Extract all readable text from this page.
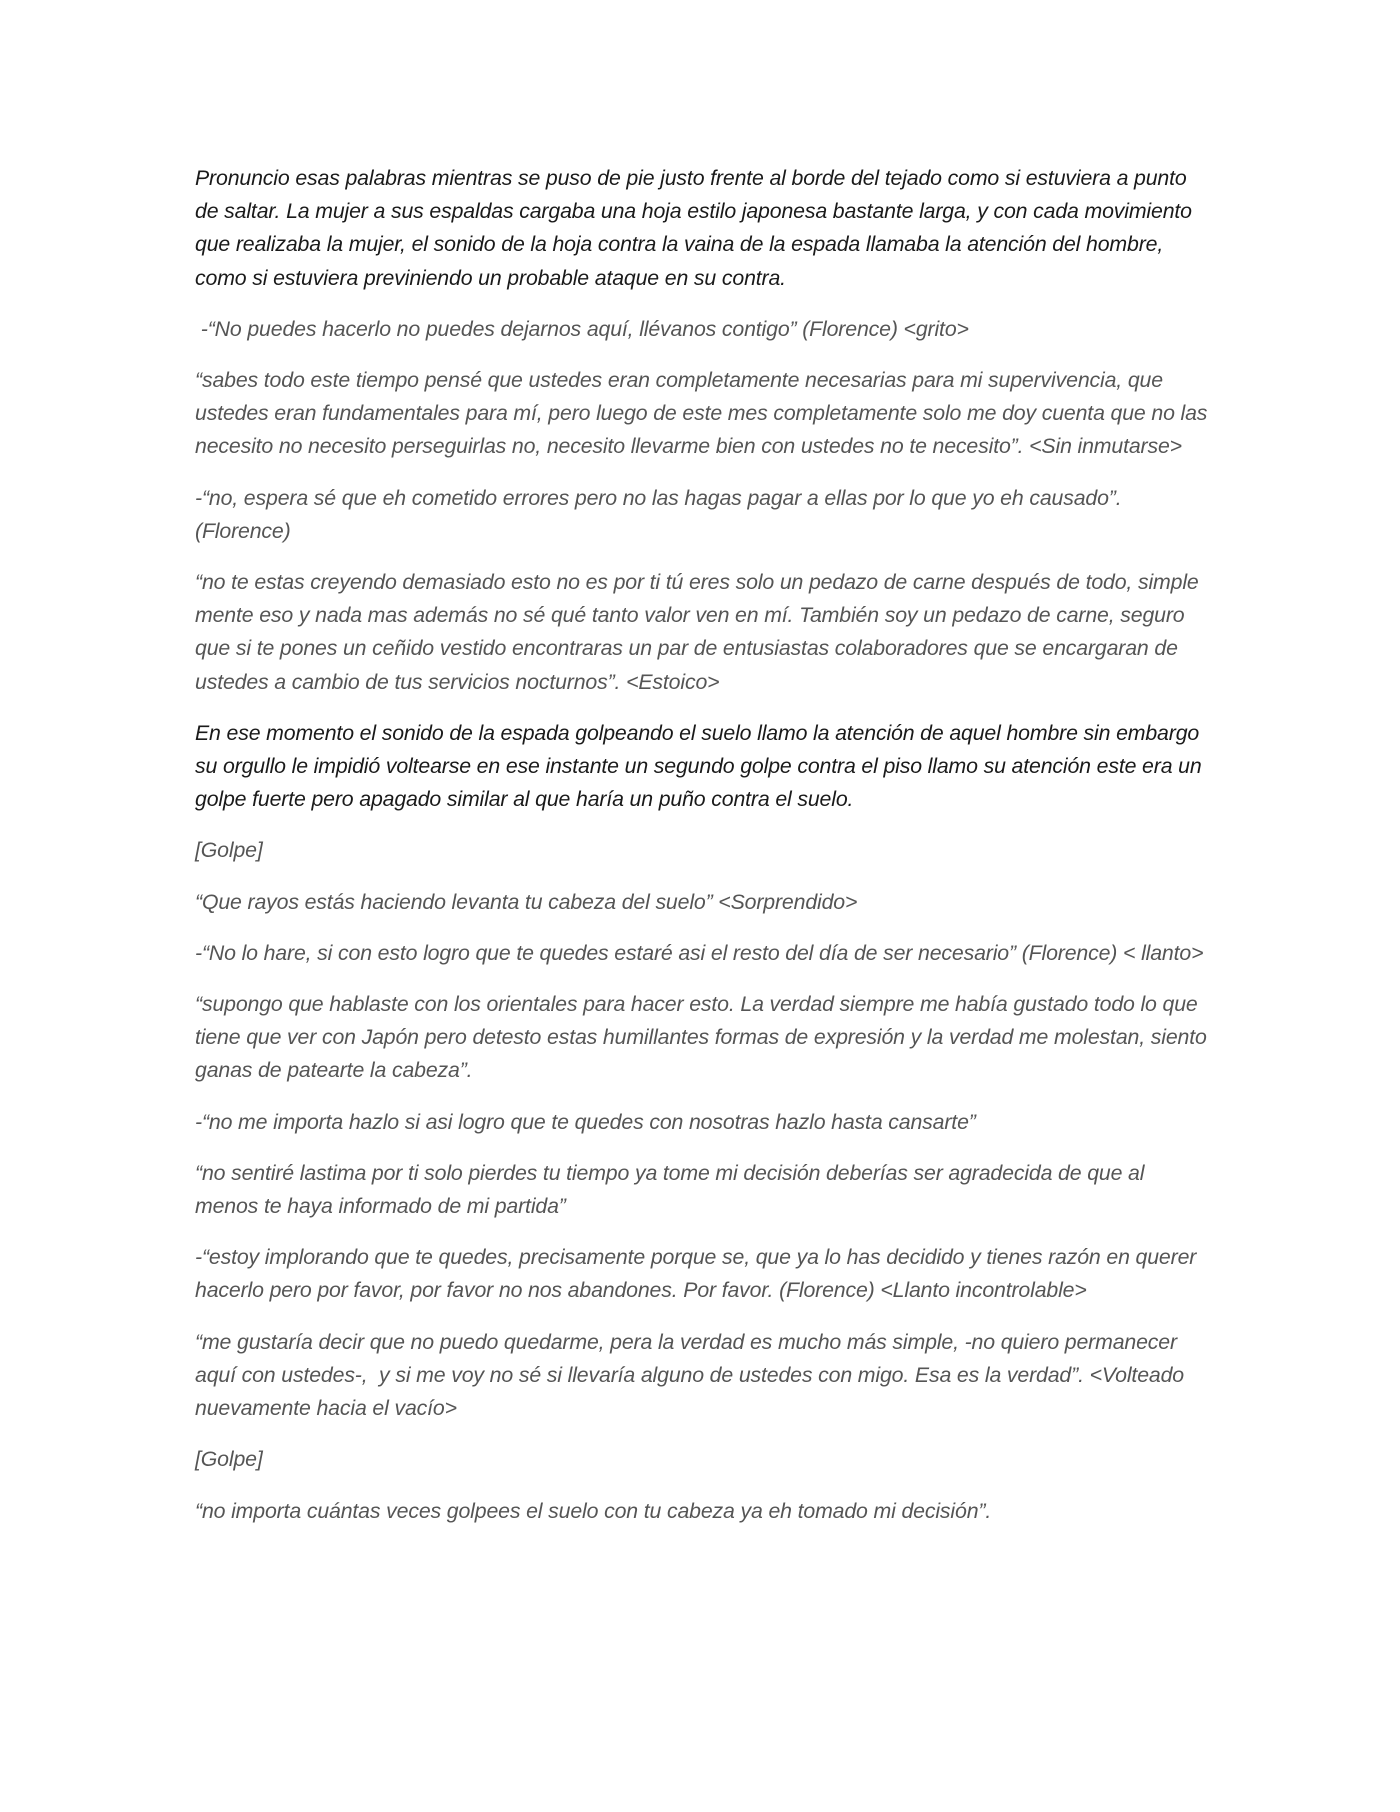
Pronuncio esas palabras mientras se puso de pie justo frente al borde del tejado como si estuviera a punto de saltar. La mujer a sus espaldas cargaba una hoja estilo japonesa bastante larga, y con cada movimiento que realizaba la mujer, el sonido de la hoja contra la vaina de la espada llamaba la atención del hombre, como si estuviera previniendo un probable ataque en su contra.

-“No puedes hacerlo no puedes dejarnos aquí, llévanos contigo” (Florence) <grito>

“sabes todo este tiempo pensé que ustedes eran completamente necesarias para mi supervivencia, que ustedes eran fundamentales para mí, pero luego de este mes completamente solo me doy cuenta que no las necesito no necesito perseguirlas no, necesito llevarme bien con ustedes no te necesito”. <Sin inmutarse>

-“no, espera sé que eh cometido errores pero no las hagas pagar a ellas por lo que yo eh causado”. (Florence)

“no te estas creyendo demasiado esto no es por ti tú eres solo un pedazo de carne después de todo, simple mente eso y nada mas además no sé qué tanto valor ven en mí. También soy un pedazo de carne, seguro que si te pones un ceñido vestido encontraras un par de entusiastas colaboradores que se encargaran de ustedes a cambio de tus servicios nocturnos”. <Estoico>

En ese momento el sonido de la espada golpeando el suelo llamo la atención de aquel hombre sin embargo su orgullo le impidió voltearse en ese instante un segundo golpe contra el piso llamo su atención este era un golpe fuerte pero apagado similar al que haría un puño contra el suelo.

[Golpe]

“Que rayos estás haciendo levanta tu cabeza del suelo” <Sorprendido>

-“No lo hare, si con esto logro que te quedes estaré asi el resto del día de ser necesario” (Florence) < llanto>

“supongo que hablaste con los orientales para hacer esto. La verdad siempre me había gustado todo lo que tiene que ver con Japón pero detesto estas humillantes formas de expresión y la verdad me molestan, siento ganas de patearte la cabeza”.

-“no me importa hazlo si asi logro que te quedes con nosotras hazlo hasta cansarte”

“no sentiré lastima por ti solo pierdes tu tiempo ya tome mi decisión deberías ser agradecida de que al menos te haya informado de mi partida”

-“estoy implorando que te quedes, precisamente porque se, que ya lo has decidido y tienes razón en querer  hacerlo pero por favor, por favor no nos abandones. Por favor. (Florence) <Llanto incontrolable>

“me gustaría decir que no puedo quedarme, pera la verdad es mucho más simple, -no quiero permanecer  aquí con ustedes-,  y si me voy no sé si llevaría alguno de ustedes con migo. Esa es la verdad”. <Volteado nuevamente hacia el vacío>

[Golpe]

“no importa cuántas veces golpees el suelo con tu cabeza ya eh tomado mi decisión”.
